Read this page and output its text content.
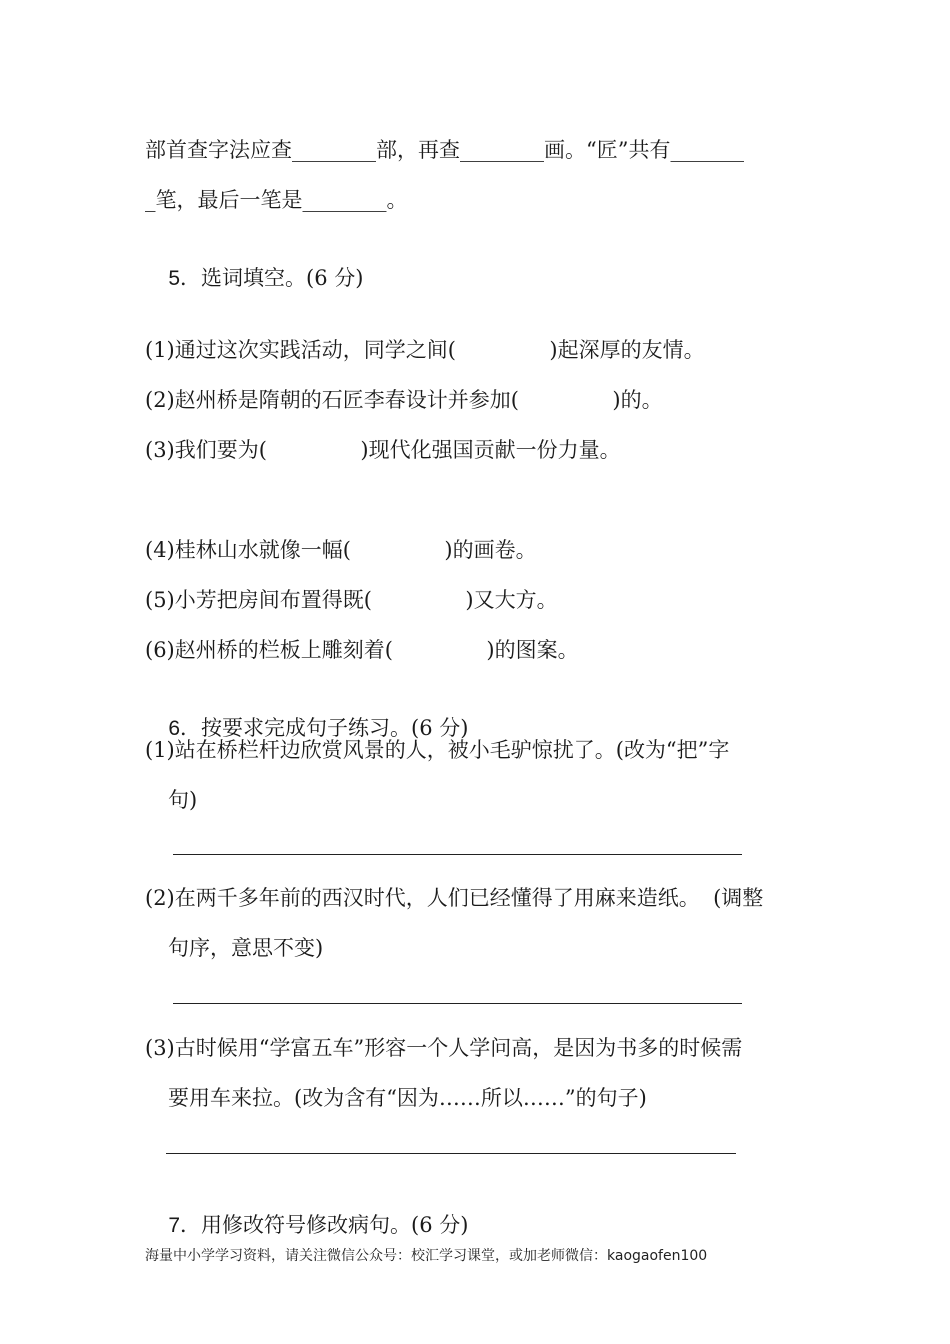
部首查字法应查________部，再查________画。“匠”共有_______
_笔，最后一笔是________。

5．选词填空。(6 分)

(1)通过这次实践活动，同学之间(              )起深厚的友情。
(2)赵州桥是隋朝的石匠李春设计并参加(              )的。
(3)我们要为(              )现代化强国贡献一份力量。
(4)桂林山水就像一幅(              )的画卷。
(5)小芳把房间布置得既(              )又大方。
(6)赵州桥的栏板上雕刻着(              )的图案。

6．按要求完成句子练习。(6 分)

(1)站在桥栏杆边欣赏风景的人，被小毛驴惊扰了。(改为“把”字
句)
(2)在两千多年前的西汉时代，人们已经懂得了用麻来造纸。  (调整
句序，意思不变)
(3)古时候用“学富五车”形容一个人学问高，是因为书多的时候需
要用车来拉。(改为含有“因为……所以……”的句子)

7．用修改符号修改病句。(6 分)

海量中小学学习资料，请关注微信公众号：校汇学习课堂，或加老师微信：kaogaofen100
